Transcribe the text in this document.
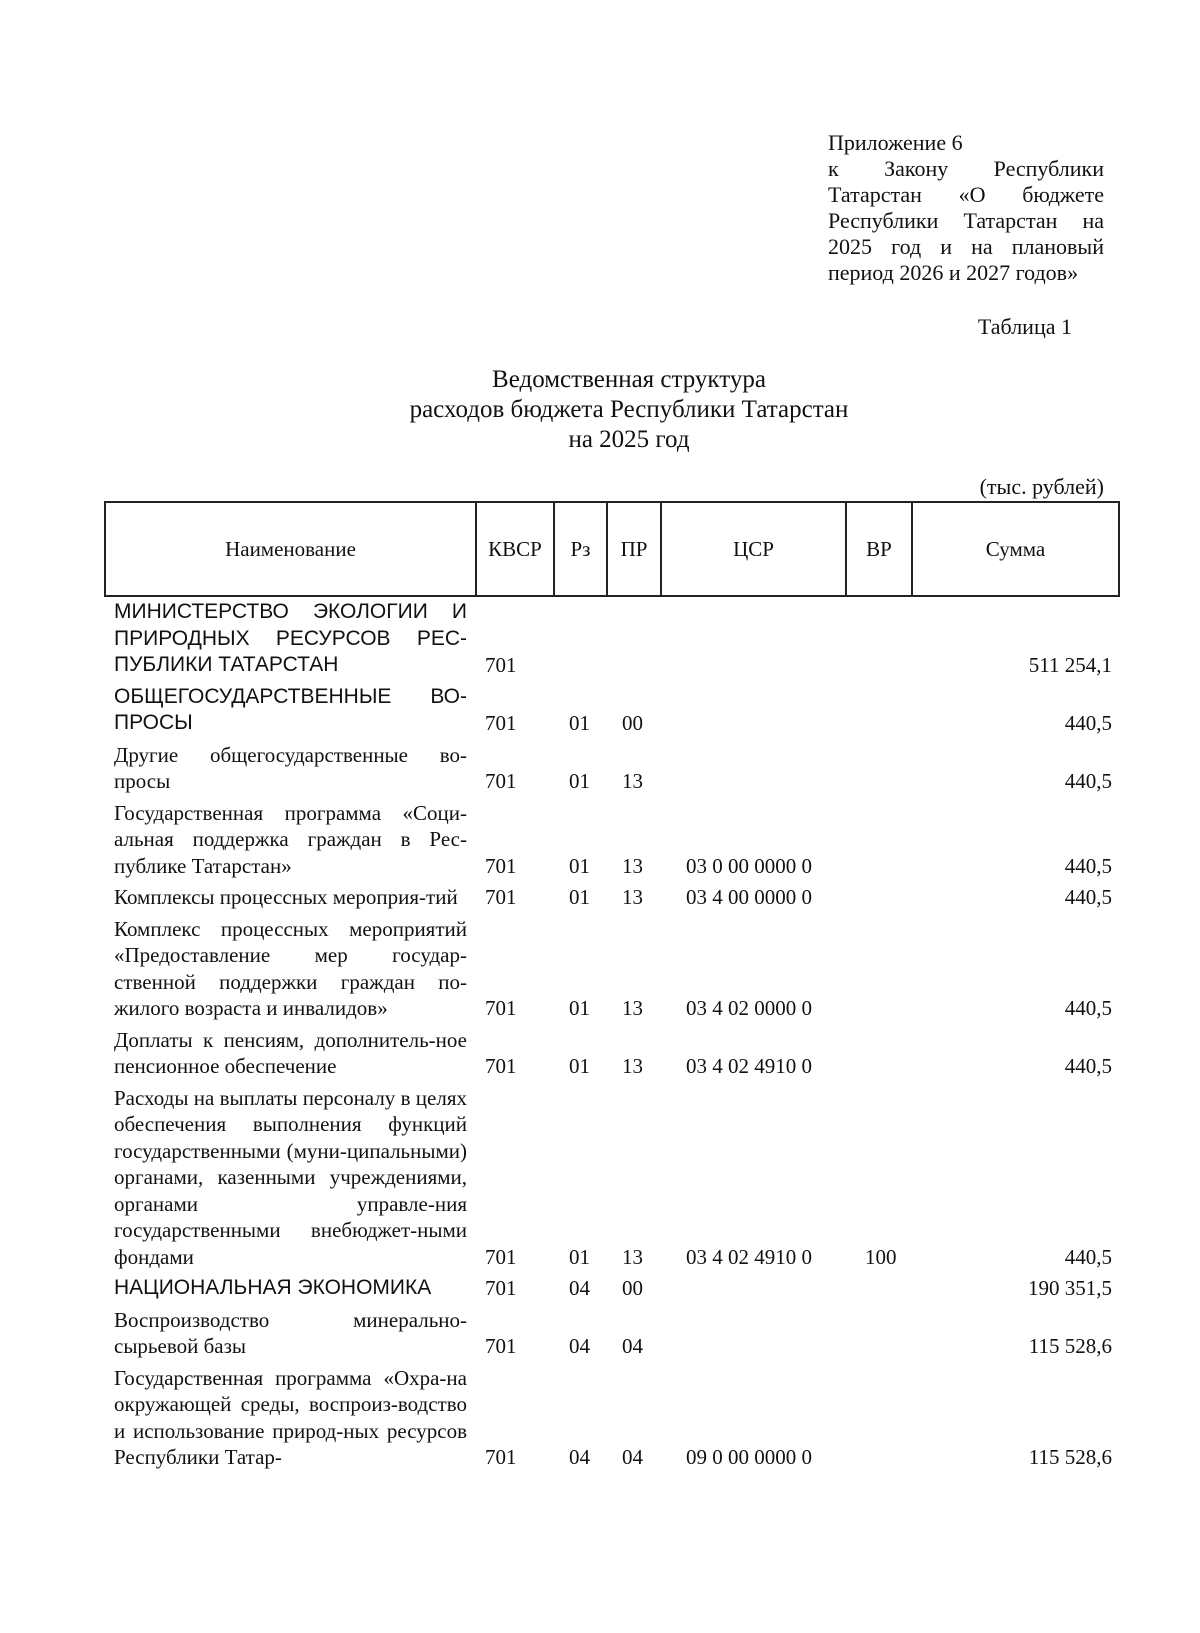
Приложение 6
к Закону Республики
Татарстан «О бюджете
Республики Татарстан на
2025 год и на плановый
период 2026 и 2027 годов»
Таблица 1
Ведомственная структура
расходов бюджета Республики Татарстан
на 2025 год
(тыс. рублей)
Наименование	КВСР	Рз	ПР	ЦСР	ВР	Сумма
МИНИСТЕРСТВО ЭКОЛОГИИ И ПРИРОДНЫХ РЕСУРСОВ РЕС-ПУБЛИКИ ТАТАРСТАН	701					511 254,1
ОБЩЕГОСУДАРСТВЕННЫЕ ВО-ПРОСЫ	701	01	00			440,5
Другие общегосударственные во-просы	701	01	13			440,5
Государственная программа «Соци-альная поддержка граждан в Рес-публике Татарстан»	701	01	13	03 0 00 0000 0		440,5
Комплексы процессных мероприя-тий	701	01	13	03 4 00 0000 0		440,5
Комплекс процессных мероприятий «Предоставление мер государ-ственной поддержки граждан по-жилого возраста и инвалидов»	701	01	13	03 4 02 0000 0		440,5
Доплаты к пенсиям, дополнитель-ное пенсионное обеспечение	701	01	13	03 4 02 4910 0		440,5
Расходы на выплаты персоналу в целях обеспечения выполнения функций государственными (муни-ципальными) органами, казенными учреждениями, органами управле-ния государственными внебюджет-ными фондами	701	01	13	03 4 02 4910 0	100	440,5
НАЦИОНАЛЬНАЯ ЭКОНОМИКА	701	04	00			190 351,5
Воспроизводство минерально-сырьевой базы	701	04	04			115 528,6
Государственная программа «Охра-на окружающей среды, воспроиз-водство и использование природ-ных ресурсов Республики Татар-	701	04	04	09 0 00 0000 0		115 528,6
